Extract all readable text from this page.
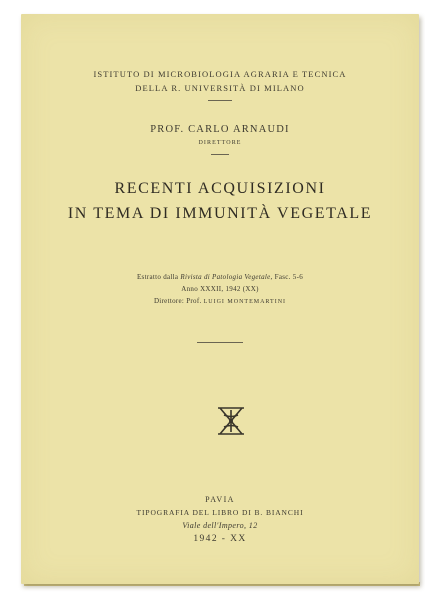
ISTITUTO DI MICROBIOLOGIA AGRARIA E TECNICA

DELLA R. UNIVERSITÀ DI MILANO

PROF. CARLO ARNAUDI

DIRETTORE

RECENTI ACQUISIZIONI

IN TEMA DI IMMUNITÀ VEGETALE

Estratto dalla Rivista di Patologia Vegetale, Fasc. 5-6

Anno XXXII, 1942 (XX)

Direttore: Prof. LUIGI MONTEMARTINI

PAVIA

TIPOGRAFIA DEL LIBRO DI B. BIANCHI

Viale dell'Impero, 12

1942 - XX
